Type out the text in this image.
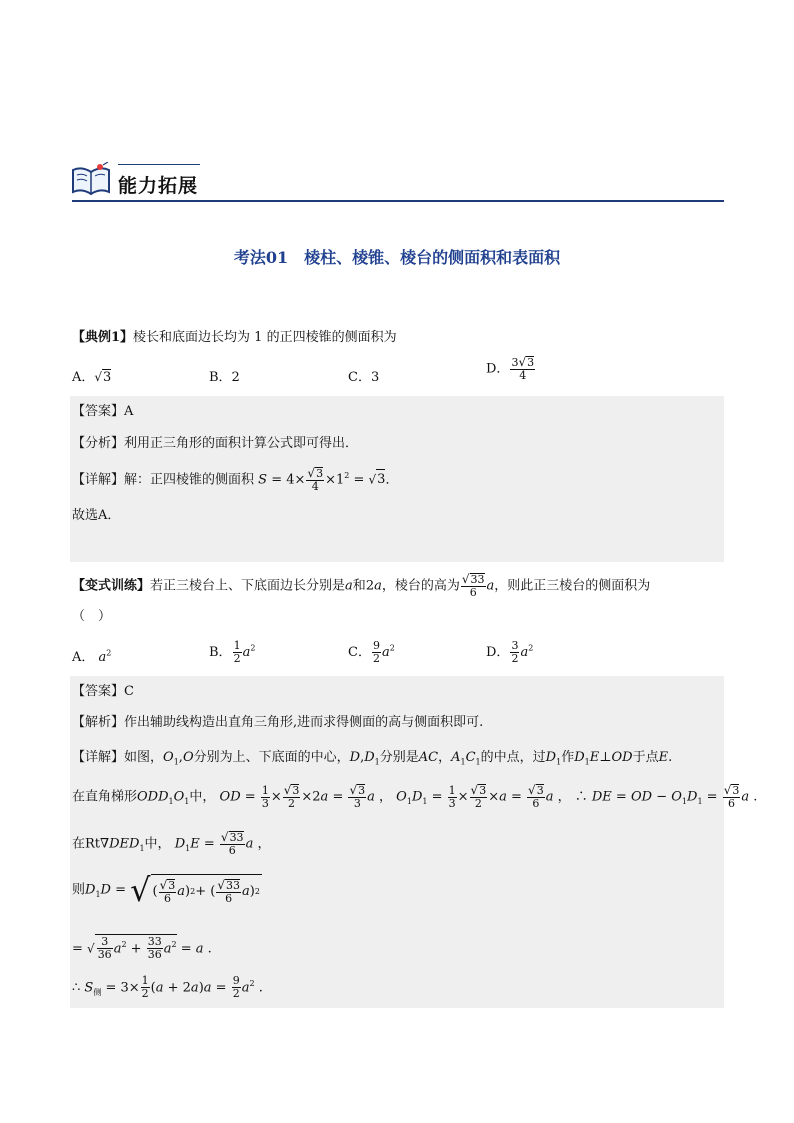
能力拓展
考法01　棱柱、棱锥、棱台的侧面积和表面积
【典例1】棱长和底面边长均为 1 的正四棱锥的侧面积为
A．√3	B．2	C．3
D． $\frac{3√3}{4}$
【答案】A
【分析】利用正三角形的面积计算公式即可得出．
【详解】解：正四棱锥的侧面积 $S = 4\times \frac{√3}{4} \times 1^2 = √3$．
故选A．
【变式训练】若正三棱台上、下底面边长分别是a和2a，棱台的高为 $\frac{√33}{6}$ a，则此正三棱台的侧面积为
（　）
A． $a^2$	B． $\frac{1}{2} a^2$	C． $\frac{9}{2} a^2$	D． $\frac{3}{2} a^2$
【答案】C
【解析】作出辅助线构造出直角三角形,进而求得侧面的高与侧面积即可.
【详解】如图，$O_1,O$分别为上、下底面的中心，$D,D_1$分别是AC，$A_1C_1$的中点，过$D_1$作$D_1E\perp OD$于点E.
在直角梯形$ODD_1O_1$中， OD = $\frac{1}{3} \times \frac{√3}{2} \times 2a = \frac{√3}{3}$ a ， $O_1D_1 = \frac{1}{3} \times \frac{√3}{2} \times a = \frac{√3}{6}$ a ， ∴ DE = OD − $O_1D_1 = \frac{√3}{6}$ a .
在$Rt\nabla DED_1$中， $D_1E = \frac{√33}{6}$ a ，
则$D_1D$ = √ ( $\frac{√3}{6}$ a ) 2 + ( $\frac{√33}{6}$ a ) 2
= √ $\frac{3}{36} a^2 + \frac{33}{36} a^2 = a$ .
∴ $S_侧 = 3\times \frac{1}{2} (a + 2a)a = \frac{9}{2} a^2$ .
